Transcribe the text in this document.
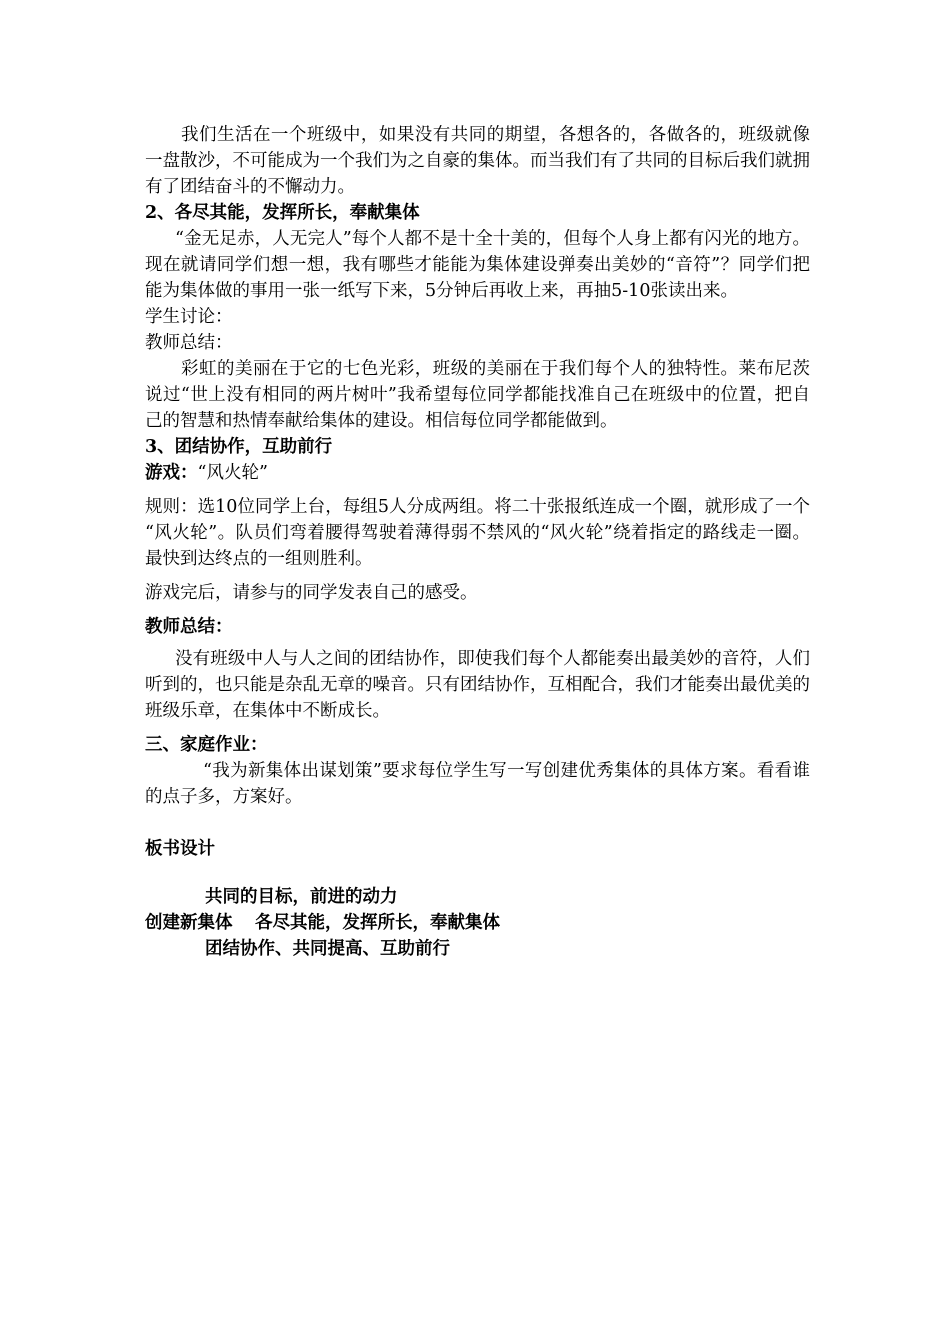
我们生活在一个班级中，如果没有共同的期望，各想各的，各做各的，班级就像一盘散沙，不可能成为一个我们为之自豪的集体。而当我们有了共同的目标后我们就拥有了团结奋斗的不懈动力。

2、各尽其能，发挥所长，奉献集体

“金无足赤，人无完人”每个人都不是十全十美的，但每个人身上都有闪光的地方。现在就请同学们想一想，我有哪些才能能为集体建设弹奏出美妙的“音符”？同学们把能为集体做的事用一张一纸写下来，5分钟后再收上来，再抽5-10张读出来。

学生讨论：

教师总结：

彩虹的美丽在于它的七色光彩，班级的美丽在于我们每个人的独特性。莱布尼茨说过“世上没有相同的两片树叶”我希望每位同学都能找准自己在班级中的位置，把自己的智慧和热情奉献给集体的建设。相信每位同学都能做到。

3、团结协作，互助前行

游戏：“风火轮”

规则：选10位同学上台，每组5人分成两组。将二十张报纸连成一个圈，就形成了一个 “风火轮”。队员们弯着腰得驾驶着薄得弱不禁风的“风火轮”绕着指定的路线走一圈。最快到达终点的一组则胜利。

游戏完后，请参与的同学发表自己的感受。

教师总结：

没有班级中人与人之间的团结协作，即使我们每个人都能奏出最美妙的音符，人们听到的，也只能是杂乱无章的噪音。只有团结协作，互相配合，我们才能奏出最优美的班级乐章，在集体中不断成长。

三、家庭作业：

“我为新集体出谋划策”要求每位学生写一写创建优秀集体的具体方案。看看谁的点子多，方案好。

板书设计

共同的目标，前进的动力
创建新集体	各尽其能，发挥所长，奉献集体
团结协作、共同提高、互助前行
